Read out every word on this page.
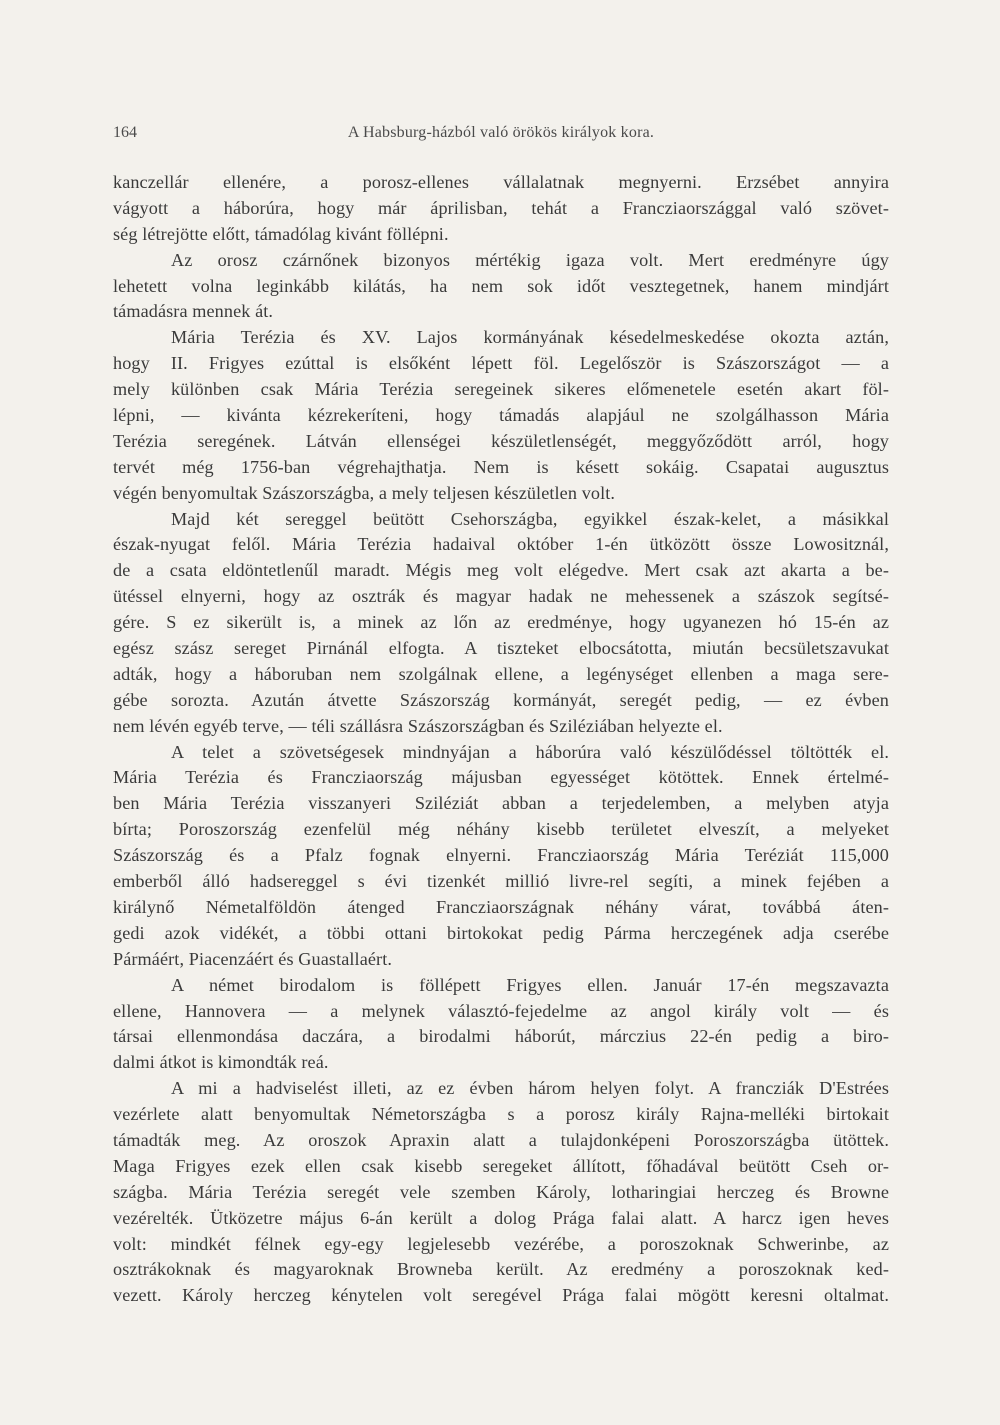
164	A Habsburg-házból való örökös királyok kora.
kanczellár ellenére, a porosz-ellenes vállalatnak megnyerni. Erzsébet annyira
vágyott a háborúra, hogy már áprilisban, tehát a Francziaországgal való szövet-
ség létrejötte előtt, támadólag kivánt föllépni.
Az orosz czárnőnek bizonyos mértékig igaza volt. Mert eredményre úgy
lehetett volna leginkább kilátás, ha nem sok időt vesztegetnek, hanem mindjárt
támadásra mennek át.
Mária Terézia és XV. Lajos kormányának késedelmeskedése okozta aztán,
hogy II. Frigyes ezúttal is elsőként lépett föl. Legelőször is Szászországot — a
mely különben csak Mária Terézia seregeinek sikeres előmenetele esetén akart föl-
lépni, — kivánta kézrekeríteni, hogy támadás alapjául ne szolgálhasson Mária
Terézia seregének. Látván ellenségei készületlenségét, meggyőződött arról, hogy
tervét még 1756-ban végrehajthatja. Nem is késett sokáig. Csapatai augusztus
végén benyomultak Szászországba, a mely teljesen készületlen volt.
Majd két sereggel beütött Csehországba, egyikkel észak-kelet, a másikkal
észak-nyugat felől. Mária Terézia hadaival október 1-én ütközött össze Lowositznál,
de a csata eldöntetlenűl maradt. Mégis meg volt elégedve. Mert csak azt akarta a be-
ütéssel elnyerni, hogy az osztrák és magyar hadak ne mehessenek a szászok segítsé-
gére. S ez sikerült is, a minek az lőn az eredménye, hogy ugyanezen hó 15-én az
egész szász sereget Pirnánál elfogta. A tiszteket elbocsátotta, miután becsületszavukat
adták, hogy a háboruban nem szolgálnak ellene, a legénységet ellenben a maga sere-
gébe sorozta. Azután átvette Szászország kormányát, seregét pedig, — ez évben
nem lévén egyéb terve, — téli szállásra Szászországban és Sziléziában helyezte el.
A telet a szövetségesek mindnyájan a háborúra való készülődéssel töltötték el.
Mária Terézia és Francziaország májusban egyességet kötöttek. Ennek értelmé-
ben Mária Terézia visszanyeri Sziléziát abban a terjedelemben, a melyben atyja
bírta; Poroszország ezenfelül még néhány kisebb területet elveszít, a melyeket
Szászország és a Pfalz fognak elnyerni. Francziaország Mária Teréziát 115,000
emberből álló hadsereggel s évi tizenkét millió livre-rel segíti, a minek fejében a
királynő Németalföldön átenged Francziaországnak néhány várat, továbbá áten-
gedi azok vidékét, a többi ottani birtokokat pedig Párma herczegének adja cserébe
Pármáért, Piacenzáért és Guastallaért.
A német birodalom is föllépett Frigyes ellen. Január 17-én megszavazta
ellene, Hannovera — a melynek választó-fejedelme az angol király volt — és
társai ellenmondása daczára, a birodalmi háborút, márczius 22-én pedig a biro-
dalmi átkot is kimondták reá.
A mi a hadviselést illeti, az ez évben három helyen folyt. A francziák D'Estrées
vezérlete alatt benyomultak Németországba s a porosz király Rajna-melléki birtokait
támadták meg. Az oroszok Apraxin alatt a tulajdonképeni Poroszországba ütöttek.
Maga Frigyes ezek ellen csak kisebb seregeket állított, főhadával beütött Cseh or-
szágba. Mária Terézia seregét vele szemben Károly, lotharingiai herczeg és Browne
vezérelték. Ütközetre május 6-án került a dolog Prága falai alatt. A harcz igen heves
volt: mindkét félnek egy-egy legjelesebb vezérébe, a poroszoknak Schwerinbe, az
osztrákoknak és magyaroknak Browneba került. Az eredmény a poroszoknak ked-
vezett. Károly herczeg kénytelen volt seregével Prága falai mögött keresni oltalmat.
